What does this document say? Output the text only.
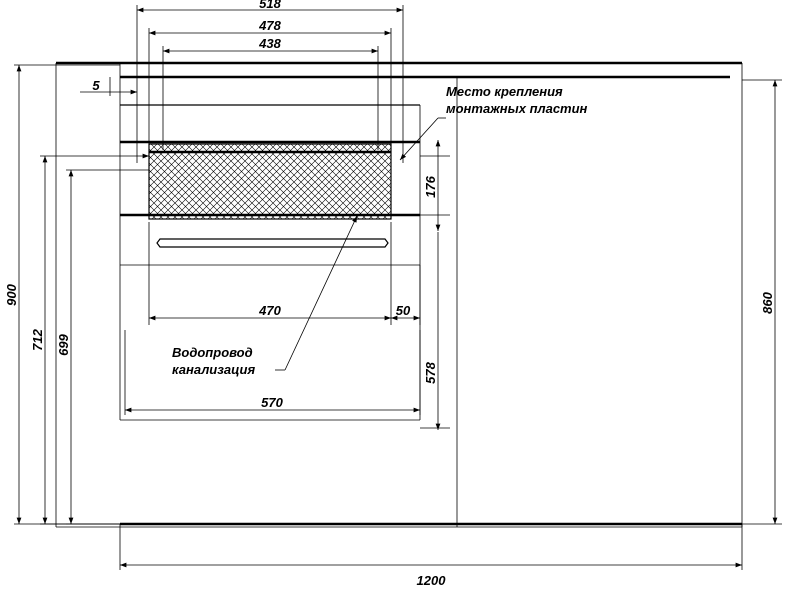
518
478
438
5
900
712 699
860
176
578
470	50
570
1200
Место крепления
монтажных пластин
Водопровод
канализация
